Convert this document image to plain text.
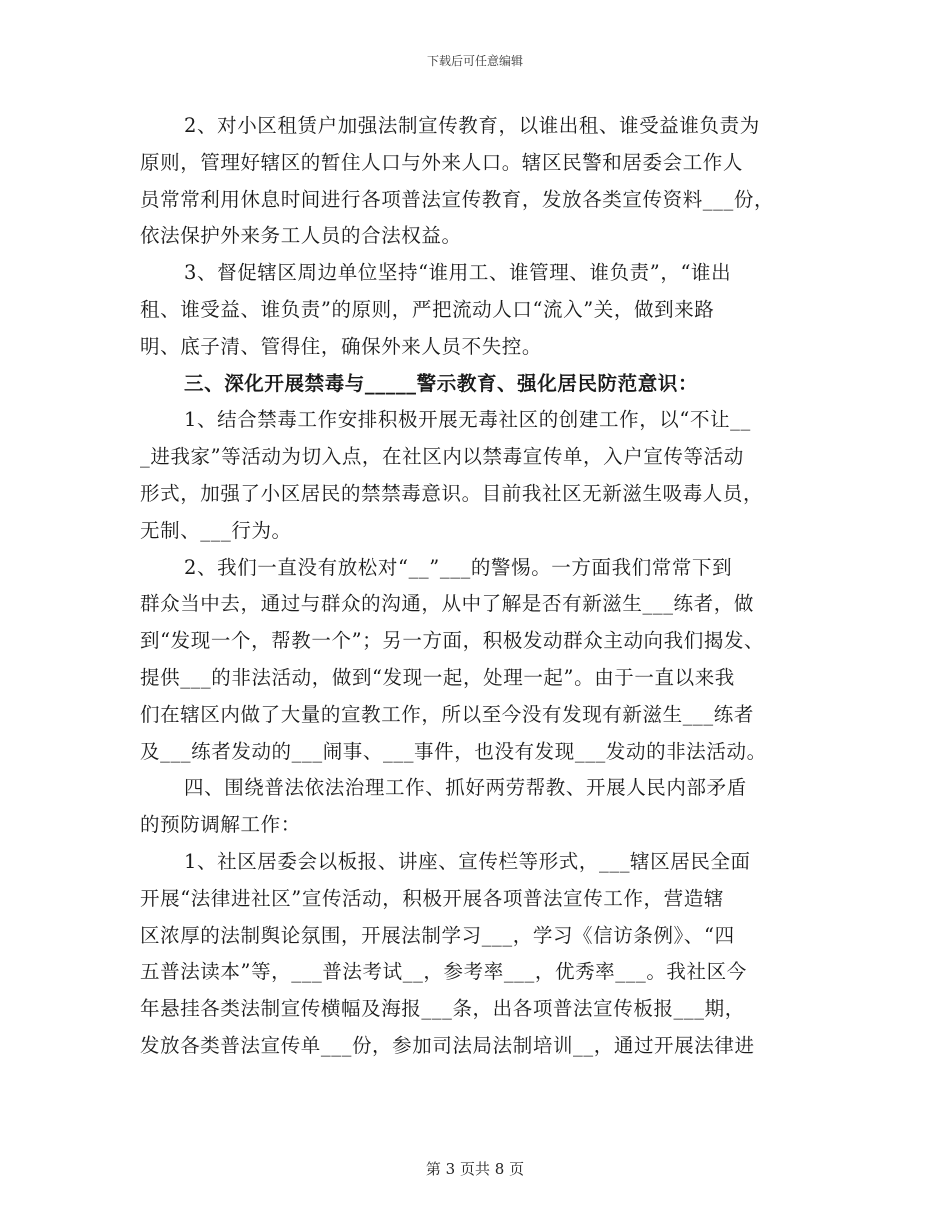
下载后可任意编辑
2、对小区租赁户加强法制宣传教育，以谁出租、谁受益谁负责为
原则，管理好辖区的暂住人口与外来人口。辖区民警和居委会工作人
员常常利用休息时间进行各项普法宣传教育，发放各类宣传资料___份，
依法保护外来务工人员的合法权益。
3、督促辖区周边单位坚持“谁用工、谁管理、谁负责”，“谁出
租、谁受益、谁负责”的原则，严把流动人口“流入”关，做到来路
明、底子清、管得住，确保外来人员不失控。
三、深化开展禁毒与_____警示教育、强化居民防范意识：
1、结合禁毒工作安排积极开展无毒社区的创建工作，以“不让__
_进我家”等活动为切入点，在社区内以禁毒宣传单，入户宣传等活动
形式，加强了小区居民的禁禁毒意识。目前我社区无新滋生吸毒人员，
无制、___行为。
2、我们一直没有放松对“__”___的警惕。一方面我们常常下到
群众当中去，通过与群众的沟通，从中了解是否有新滋生___练者，做
到“发现一个，帮教一个”；另一方面，积极发动群众主动向我们揭发、
提供___的非法活动，做到“发现一起，处理一起”。由于一直以来我
们在辖区内做了大量的宣教工作，所以至今没有发现有新滋生___练者
及___练者发动的___闹事、___事件，也没有发现___发动的非法活动。
四、围绕普法依法治理工作、抓好两劳帮教、开展人民内部矛盾
的预防调解工作：
1、社区居委会以板报、讲座、宣传栏等形式，___辖区居民全面
开展“法律进社区”宣传活动，积极开展各项普法宣传工作，营造辖
区浓厚的法制舆论氛围，开展法制学习___，学习《信访条例》、“四
五普法读本”等，___普法考试__，参考率___，优秀率___。我社区今
年悬挂各类法制宣传横幅及海报___条，出各项普法宣传板报___期，
发放各类普法宣传单___份，参加司法局法制培训__，通过开展法律进
第 3 页共 8 页
